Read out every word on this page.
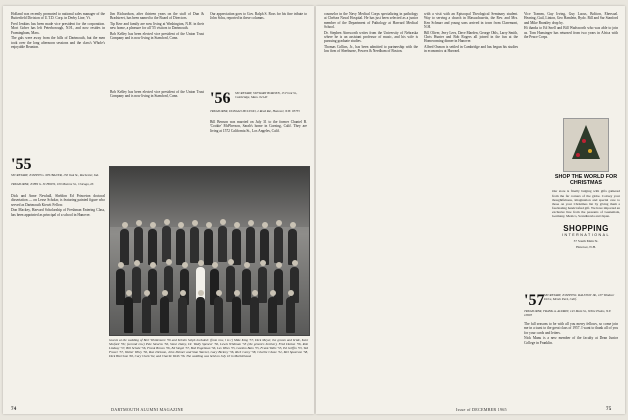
Holland was recently promoted to national sales manager of the Butterfield Division of U.T.D. Corp. in Derby Line, Vt.

Fred Jenkins has been made vice president for the corporation. Mort Gober has left Peterborough, N.H., and now resides in Framingham, Mass.

The gals were away from the hills of Dartmouth, but the men took over the long afternoon sessions and the class's Whole's enjoyable Reunion.

'55
SECRETARY, JOSEPH G. NEUBAUER, 150 Oak St., Rochester, Ind.
TREASURER, JOHN G. SCHOEN, 109 Monroe St., Chicago, Ill.

Dick and Anne Newhall, Sheldon Ed Princeton doctoral dissertation — on Lesse Scholar, is featuring painted figure who served as Dartmouth Kiewit Fellow.

Don Mackey, Harvard Scholarship of Freshman Entering Class, has been appointed as principal of a school in Hanover.

Jim Richardson, after thirteen years on the staff of Dun & Bradstreet, has been named to the Board of Directors.

Tip Kerr and family are now living at Washington, N.H. in their new home, a pleasure for all '55 visitors to Dartmouth.

Bob Kelley has been elected vice president of the Union Trust Company and is now living in Stamford, Conn.

Bob Kelley has been elected vice president of the Union Trust Company and is now living in Stamford, Conn.	'56 SECRETARY, STEWART BORDEN, 15 Front St., Cambridge, Mass. 02140
TREASURER, DONALD MCLEOD, 2 Reed Rd., Hanover, N.H. 03755

Our appreciation goes to Gov. Ralph S. Ross for his fine tribute to John Schu, reported in these columns.

Bill Benson was married on July 31 to the former Chantel B. 'Cookie' McPherson, Sarah's home in Corning, Calif. They are living at 1572 California St., Los Angeles, Calif.

Guests at the wedding of Bert Whittemore '56 and Kristin Selph included: (from row, l to r) Mike King '57, Dick Meyer, the groom and bride, Kent Shuford '56; (second row) Pete Stearns '56, Steve Daley, Dr. Wally Spencer '56, Lewis Whitman '53 (the groom's brother), Fred Dutton '56, Rob Lindsay '57, Bill Schulz '56, Frank Brown '56, Ed Siegel '57, Bob Engelman '56, Les Wiles '55, Gordon Bain '55, Frank Wells '55, Ed Griffin '53, Ted Fraser '57, Walter Wiley '56, Ron Dickson, John Palmer and Stan Warner, Gary Bickrey '56, Rich Carey '58, Charlie Chase '52, Mel Spearson '58, Dick Harrison '60, Cary Clark '62, and Charlie Wells '56. The wedding was held on July 10 in Marblehead.
74	DARTMOUTH ALUMNI MAGAZINE

counselor in the Navy Medical Corps specializing in pathology at Chelsea Naval Hospital. He has just been selected as a junior member of the Department of Pathology at Harvard Medical School.

Dr. Stephen Ainsworth writes from the University of Nebraska where he is an assistant professor of music, and his wife is pursuing graduate studies.

Thomas Collins, Jr., has been admitted to partnership with the law firm of Sherburne, Powers & Needham of Boston.

with a visit with an Episcopal Theological Seminary student. Way to serving a church in Massachusetts, the Rev. and Mrs. Ken Schnurr and young sons arrived in town from Claremont, N.H.

Bill Oliver, Jerry Lees, Dave Marden, George Ohls, Larry Smith, Chris Hunter and Bob Rogers all joined in the fun at the Homecoming dinner in Hanover.

Alfred Osmon is settled in Cambridge and has begun his studies in economics at Harvard.

Vice Tramm, Guy Irving, Guy Lucus, Boliton, Ebersoal. Hearing, Gail, Linton, Geo Hamlein, Rydo. Bill and Sar Stanford and Mike Brantley drop by.

Hi thanks to Ed Snell and Bill Wadsworth who was able to join us. Tom Hunsinger has returned from two years in Africa with the Peace Corps.

'57 SECRETARY, JOSEPH K. RALSTON JR., 107 Windsor Drive, Menlo Park, Calif.
TREASURER, FRANK A. ALDRIN, 145 Main St., White Plains, N.Y. 10603

The fall seasons to be with all you merry fellows, so come join me in a toast to the great class of 1957. I want to thank all of you for your cards and letters.

Nick Manu is a new member of the faculty at Dean Junior College in Franklin.

Issue of DECEMBER 1965	75
SHOP THE WORLD FOR CHRISTMAS
Our store is finally bulging with gifts gathered from the far corners of the globe. Convey your thoughtfulness, imagination and special care to those on your Christmas list by giving them a fascinating handcrafted gift. We have imported an exclusive line from the peasants of Guatemala, Germany, Mexico, Scandinavia and Japan.
SHOPPING
INTERNATIONAL
37 South Main St.
Hanover, N.H.
